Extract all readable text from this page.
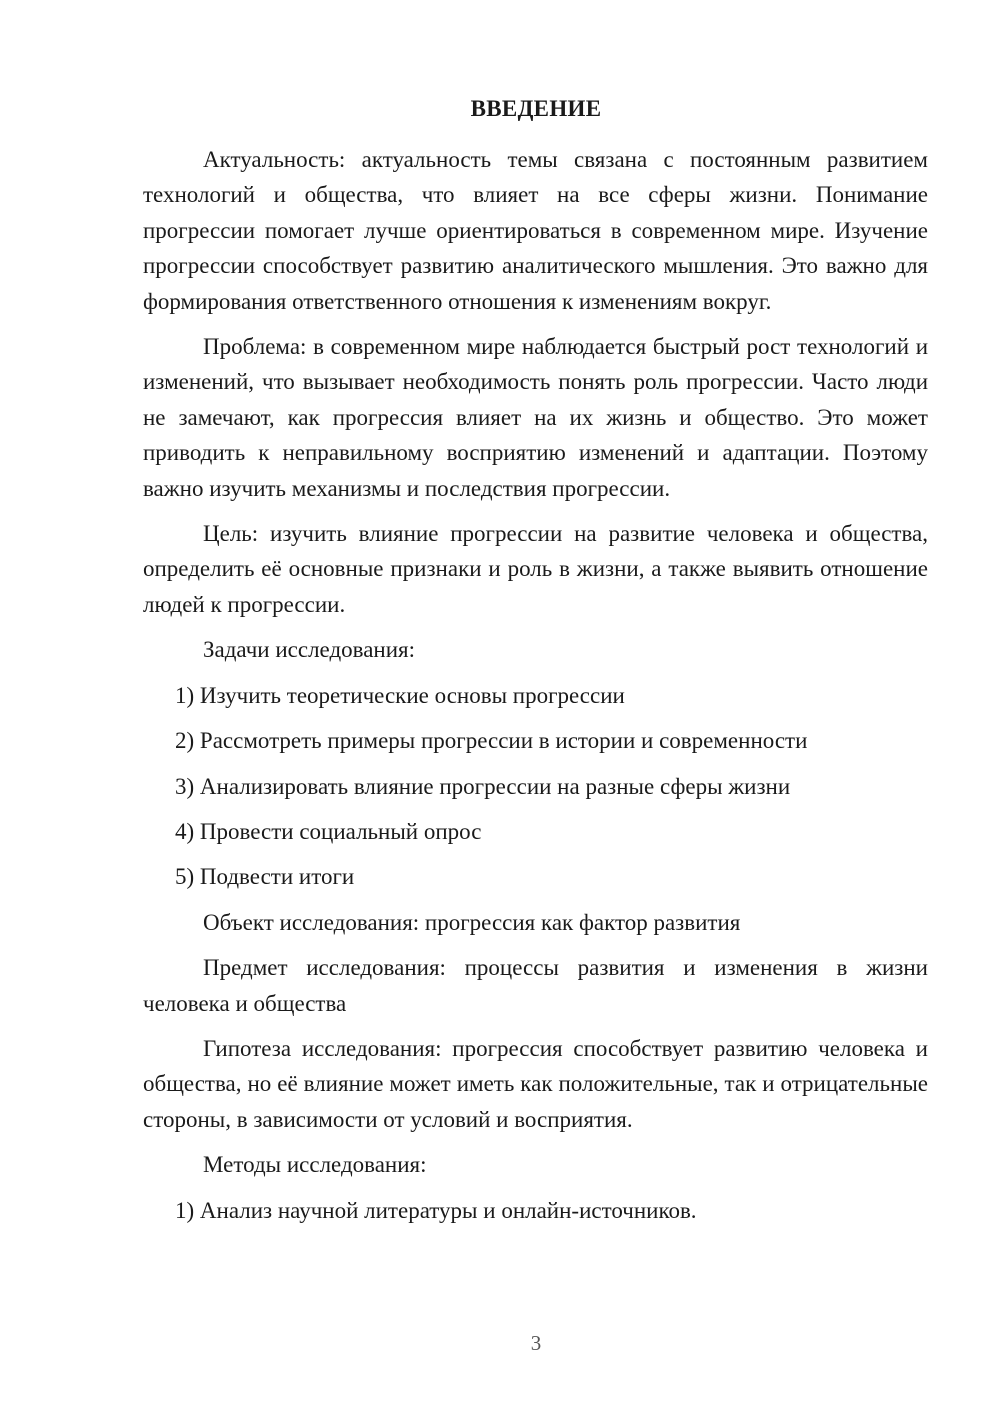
ВВЕДЕНИЕ

Актуальность: актуальность темы связана с постоянным развитием технологий и общества, что влияет на все сферы жизни. Понимание прогрессии помогает лучше ориентироваться в современном мире. Изучение прогрессии способствует развитию аналитического мышления. Это важно для формирования ответственного отношения к изменениям вокруг.

Проблема: в современном мире наблюдается быстрый рост технологий и изменений, что вызывает необходимость понять роль прогрессии. Часто люди не замечают, как прогрессия влияет на их жизнь и общество. Это может приводить к неправильному восприятию изменений и адаптации. Поэтому важно изучить механизмы и последствия прогрессии.

Цель: изучить влияние прогрессии на развитие человека и общества, определить её основные признаки и роль в жизни, а также выявить отношение людей к прогрессии.

Задачи исследования:

1) Изучить теоретические основы прогрессии

2) Рассмотреть примеры прогрессии в истории и современности

3) Анализировать влияние прогрессии на разные сферы жизни

4) Провести социальный опрос

5) Подвести итоги

Объект исследования: прогрессия как фактор развития

Предмет исследования: процессы развития и изменения в жизни человека и общества

Гипотеза исследования: прогрессия способствует развитию человека и общества, но её влияние может иметь как положительные, так и отрицательные стороны, в зависимости от условий и восприятия.

Методы исследования:

1) Анализ научной литературы и онлайн-источников.

3
